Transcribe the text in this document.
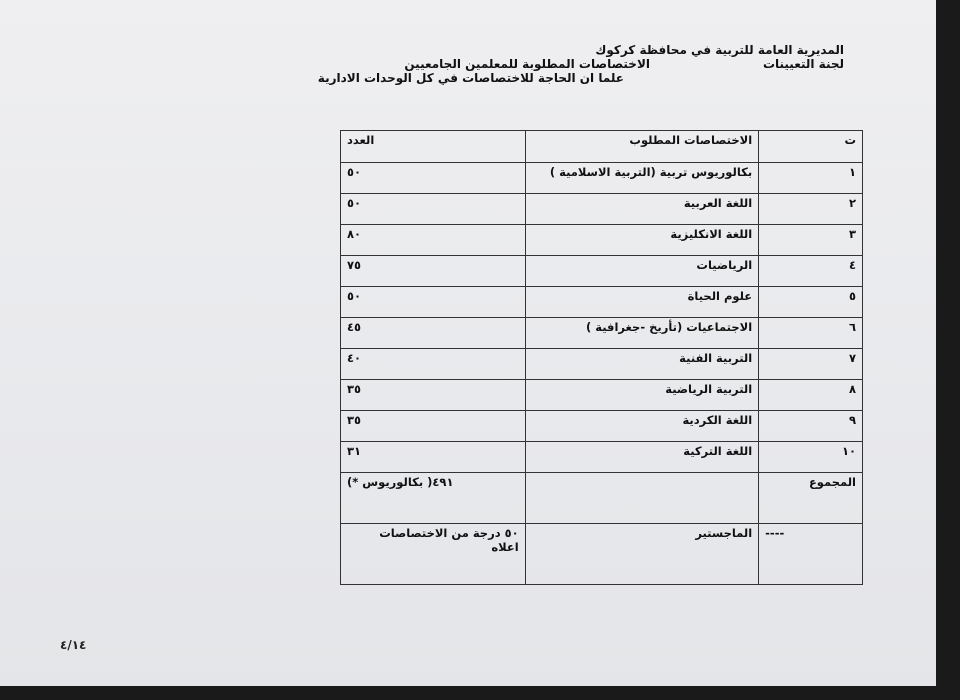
المديرية العامة للتربية في محافظة كركوك
لجنة التعيينات
الاختصاصات المطلوبة للمعلمين الجامعيين
علما ان الحاجة للاختصاصات في كل الوحدات الادارية
ت	الاختصاصات المطلوب	العدد
١	بكالوريوس تربية (التربية الاسلامية )	٥٠
٢	اللغة العربية	٥٠
٣	اللغة الانكليزية	٨٠
٤	الرياضيات	٧٥
٥	علوم الحياة	٥٠
٦	الاجتماعيات (تأريخ -جغرافية )	٤٥
٧	التربية الفنية	٤٠
٨	التربية الرياضية	٣٥
٩	اللغة الكردية	٣٥
١٠	اللغة التركية	٣١
المجموع		٤٩١( بكالوريوس *)
----	الماجستير	٥٠ درجة من الاختصاصات
اعلاه
٤/١٤
